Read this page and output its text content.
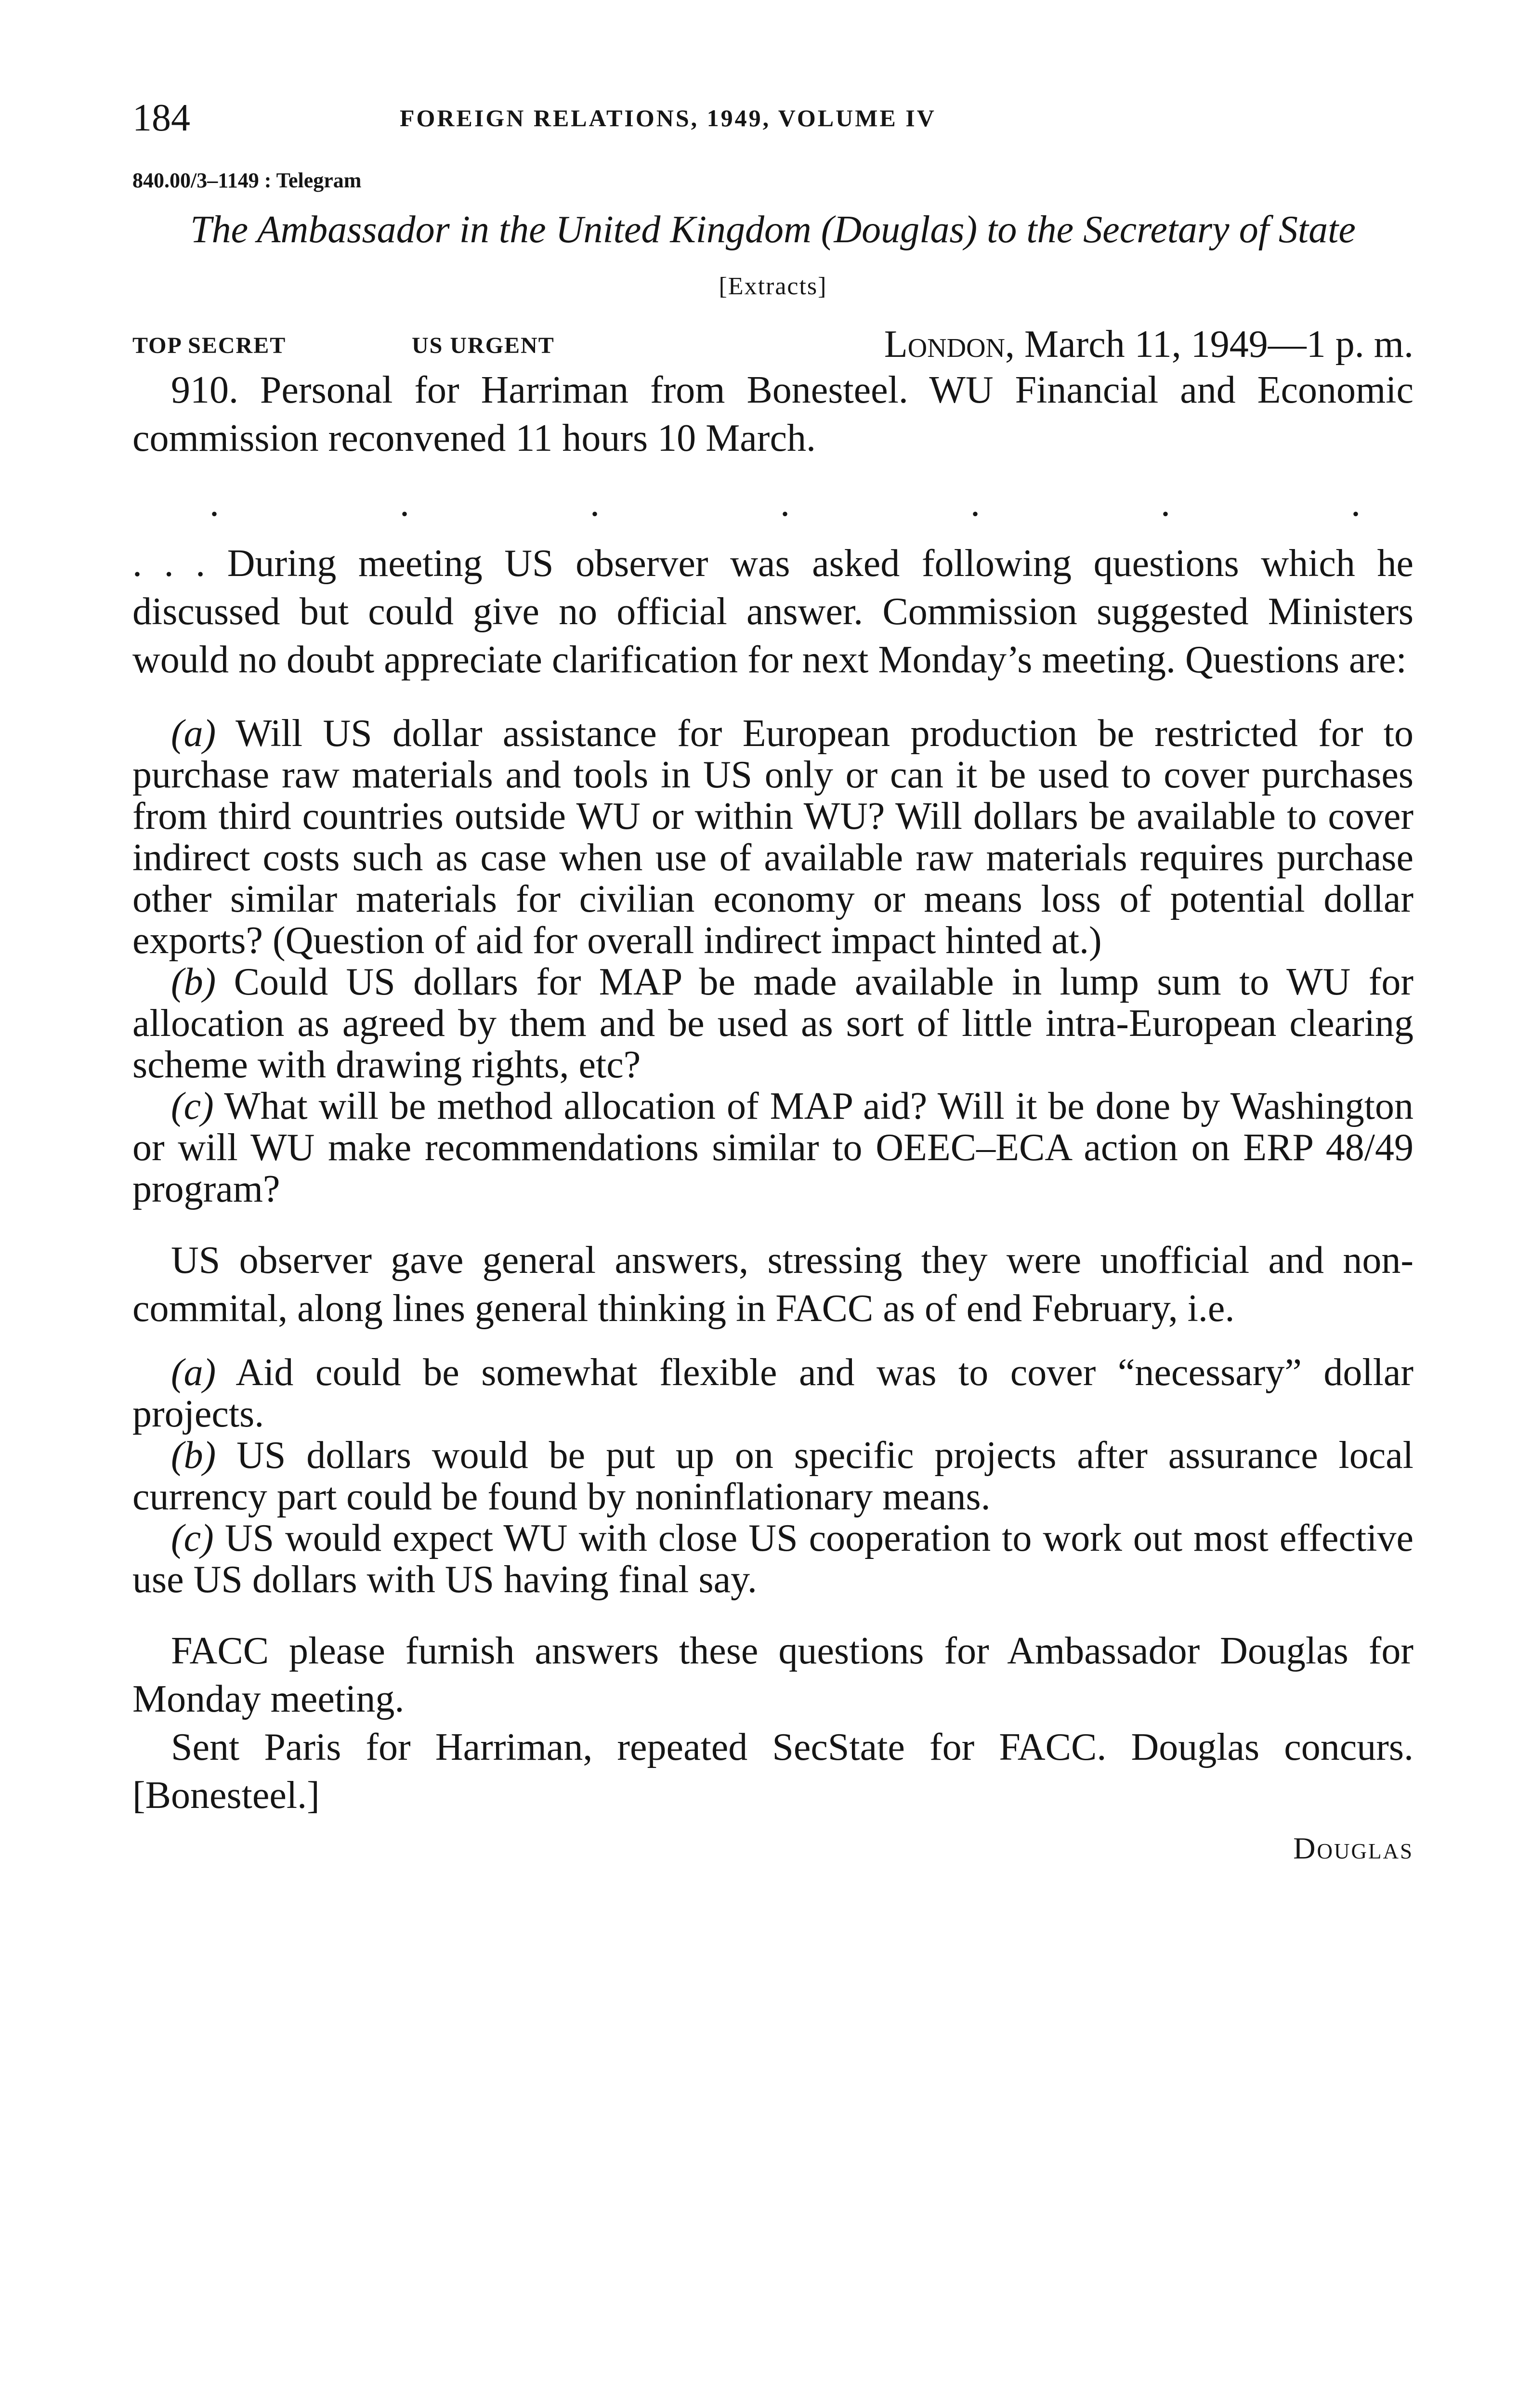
184	FOREIGN RELATIONS, 1949, VOLUME IV
840.00/3–1149 : Telegram
The Ambassador in the United Kingdom (Douglas) to the Secretary of State
[Extracts]
TOP SECRET	US URGENT	London, March 11, 1949—1 p. m.

910. Personal for Harriman from Bonesteel. WU Financial and Economic commission reconvened 11 hours 10 March.

.	.	.	.	.	.	.

. . . During meeting US observer was asked following questions which he discussed but could give no official answer. Commission suggested Ministers would no doubt appreciate clarification for next Monday’s meeting. Questions are:

(a) Will US dollar assistance for European production be restricted for to purchase raw materials and tools in US only or can it be used to cover purchases from third countries outside WU or within WU? Will dollars be available to cover indirect costs such as case when use of available raw materials requires purchase other similar materials for civilian economy or means loss of potential dollar exports? (Question of aid for overall indirect impact hinted at.)

(b) Could US dollars for MAP be made available in lump sum to WU for allocation as agreed by them and be used as sort of little intra-European clearing scheme with drawing rights, etc?

(c) What will be method allocation of MAP aid? Will it be done by Washington or will WU make recommendations similar to OEEC–ECA action on ERP 48/49 program?

US observer gave general answers, stressing they were unofficial and non-commital, along lines general thinking in FACC as of end February, i.e.

(a) Aid could be somewhat flexible and was to cover “necessary” dollar projects.

(b) US dollars would be put up on specific projects after assurance local currency part could be found by noninflationary means.

(c) US would expect WU with close US cooperation to work out most effective use US dollars with US having final say.

FACC please furnish answers these questions for Ambassador Douglas for Monday meeting.

Sent Paris for Harriman, repeated SecState for FACC. Douglas concurs. [Bonesteel.]

Douglas
